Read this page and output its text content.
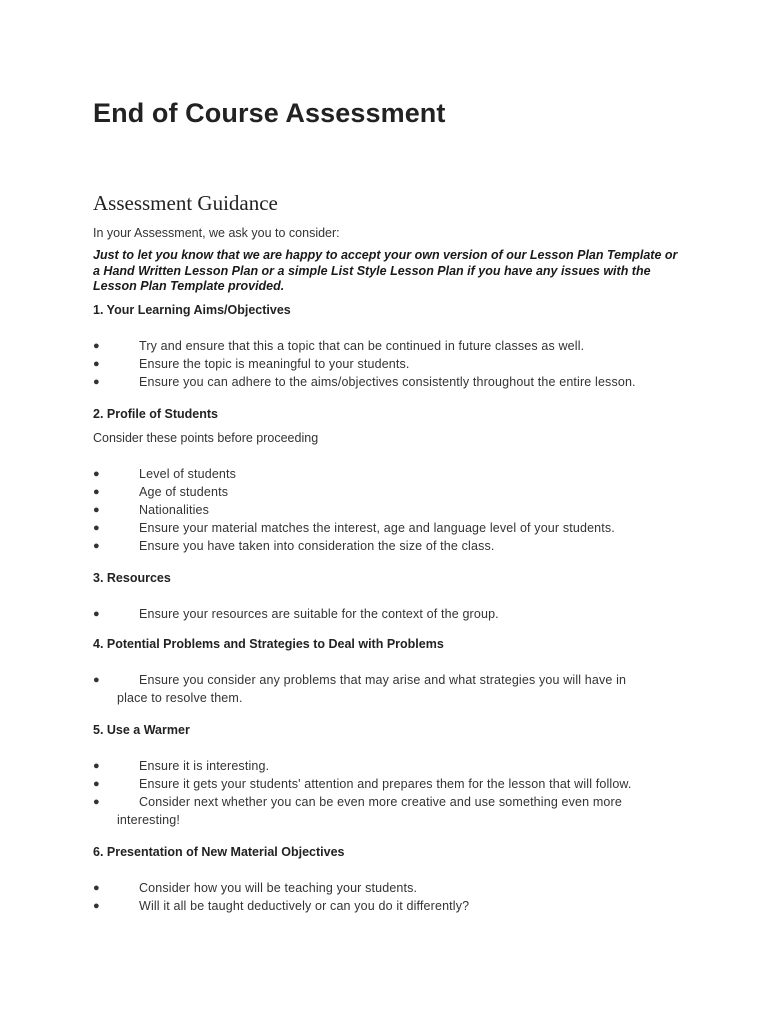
End of Course Assessment
Assessment Guidance

In your Assessment, we ask you to consider:

Just to let you know that we are happy to accept your own version of our Lesson Plan Template or a Hand Written Lesson Plan or a simple List Style Lesson Plan if you have any issues with the Lesson Plan Template provided.

1. Your Learning Aims/Objectives

●	Try and ensure that this a topic that can be continued in future classes as well.
●	Ensure the topic is meaningful to your students.
●	Ensure you can adhere to the aims/objectives consistently throughout the entire lesson.

2. Profile of Students

Consider these points before proceeding

●	Level of students
●	Age of students
●	Nationalities
●	Ensure your material matches the interest, age and language level of your students.
●	Ensure you have taken into consideration the size of the class.

3. Resources

●	Ensure your resources are suitable for the context of the group.

4. Potential Problems and Strategies to Deal with Problems

●	Ensure you consider any problems that may arise and what strategies you will have in
place to resolve them.

5. Use a Warmer

●	Ensure it is interesting.
●	Ensure it gets your students' attention and prepares them for the lesson that will follow.
●	Consider next whether you can be even more creative and use something even more
interesting!

6. Presentation of New Material Objectives

●	Consider how you will be teaching your students.
●	Will it all be taught deductively or can you do it differently?
